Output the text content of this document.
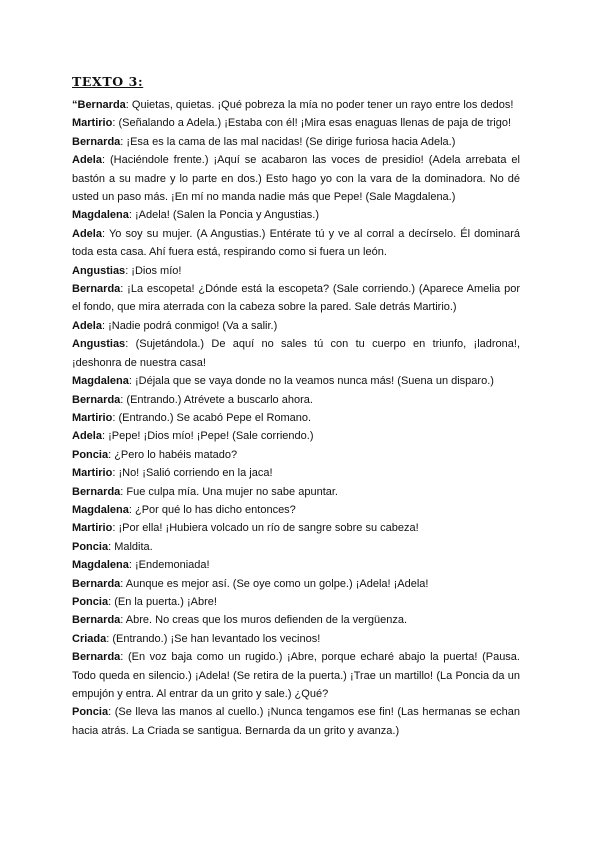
TEXTO 3:

“Bernarda: Quietas, quietas. ¡Qué pobreza la mía no poder tener un rayo entre los dedos!

Martirio: (Señalando a Adela.) ¡Estaba con él! ¡Mira esas enaguas llenas de paja de trigo!

Bernarda: ¡Esa es la cama de las mal nacidas! (Se dirige furiosa hacia Adela.)

Adela: (Haciéndole frente.) ¡Aquí se acabaron las voces de presidio! (Adela arrebata el bastón a su madre y lo parte en dos.) Esto hago yo con la vara de la dominadora. No dé usted un paso más. ¡En mí no manda nadie más que Pepe! (Sale Magdalena.)

Magdalena: ¡Adela! (Salen la Poncia y Angustias.)

Adela: Yo soy su mujer. (A Angustias.) Entérate tú y ve al corral a decírselo. Él dominará toda esta casa. Ahí fuera está, respirando como si fuera un león.

Angustias: ¡Dios mío!

Bernarda: ¡La escopeta! ¿Dónde está la escopeta? (Sale corriendo.) (Aparece Amelia por el fondo, que mira aterrada con la cabeza sobre la pared. Sale detrás Martirio.)

Adela: ¡Nadie podrá conmigo! (Va a salir.)

Angustias: (Sujetándola.) De aquí no sales tú con tu cuerpo en triunfo, ¡ladrona!, ¡deshonra de nuestra casa!

Magdalena: ¡Déjala que se vaya donde no la veamos nunca más! (Suena un disparo.)

Bernarda: (Entrando.) Atrévete a buscarlo ahora.

Martirio: (Entrando.) Se acabó Pepe el Romano.

Adela: ¡Pepe! ¡Dios mío! ¡Pepe! (Sale corriendo.)

Poncia: ¿Pero lo habéis matado?

Martirio: ¡No! ¡Salió corriendo en la jaca!

Bernarda: Fue culpa mía. Una mujer no sabe apuntar.

Magdalena: ¿Por qué lo has dicho entonces?

Martirio: ¡Por ella! ¡Hubiera volcado un río de sangre sobre su cabeza!

Poncia: Maldita.

Magdalena: ¡Endemoniada!

Bernarda: Aunque es mejor así. (Se oye como un golpe.) ¡Adela! ¡Adela!

Poncia: (En la puerta.) ¡Abre!

Bernarda: Abre. No creas que los muros defienden de la vergüenza.

Criada: (Entrando.) ¡Se han levantado los vecinos!

Bernarda: (En voz baja como un rugido.) ¡Abre, porque echaré abajo la puerta! (Pausa. Todo queda en silencio.) ¡Adela! (Se retira de la puerta.) ¡Trae un martillo! (La Poncia da un empujón y entra. Al entrar da un grito y sale.) ¿Qué?

Poncia: (Se lleva las manos al cuello.) ¡Nunca tengamos ese fin! (Las hermanas se echan hacia atrás. La Criada se santigua. Bernarda da un grito y avanza.)
